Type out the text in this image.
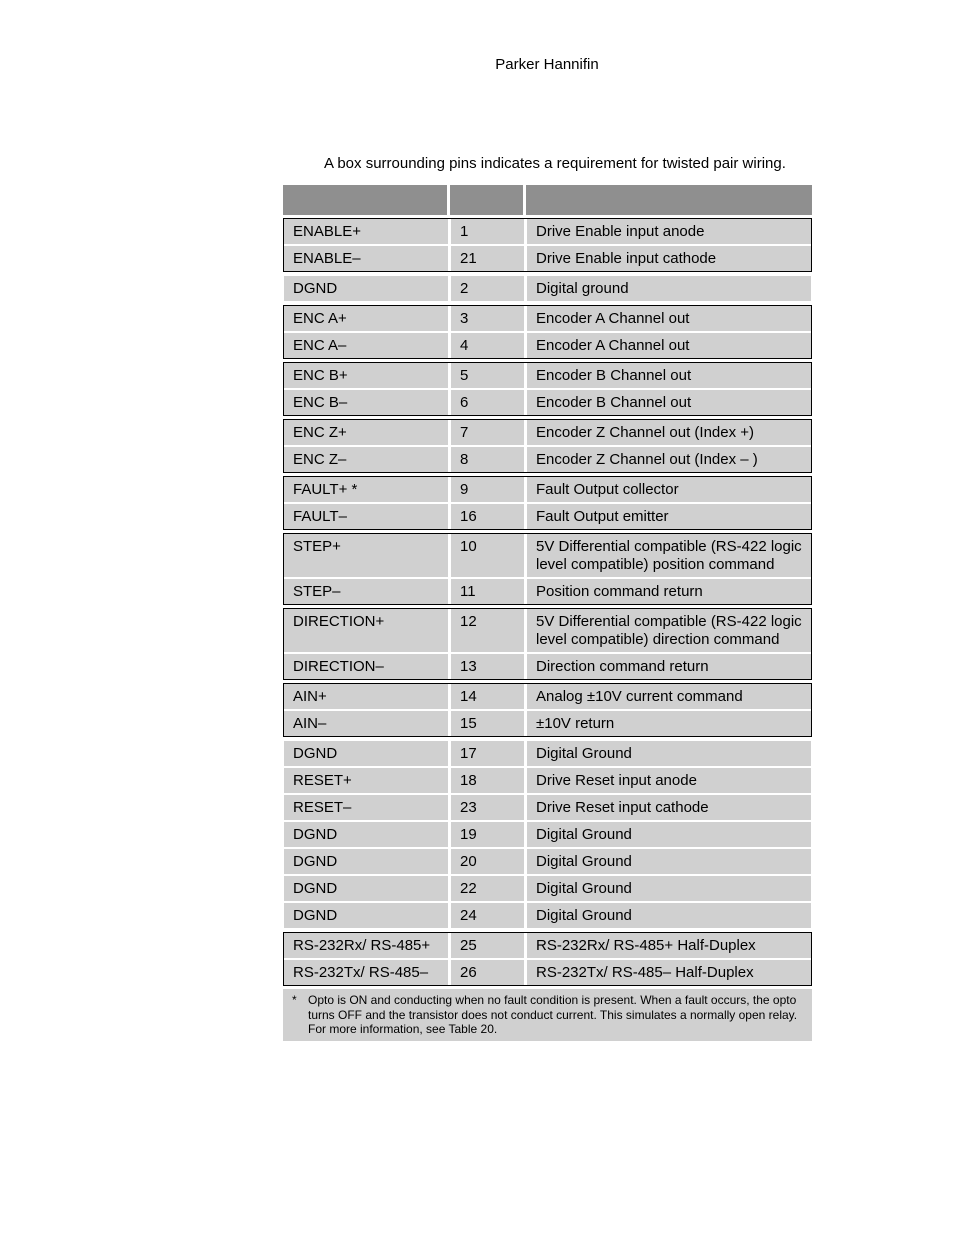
Parker Hannifin
A box surrounding pins indicates a requirement for twisted pair wiring.
ENABLE+	1	Drive Enable input anode
ENABLE–	21	Drive Enable input cathode
DGND	2	Digital ground
ENC A+	3	Encoder A Channel out
ENC A–	4	Encoder A Channel out
ENC B+	5	Encoder B Channel out
ENC B–	6	Encoder B Channel out
ENC Z+	7	Encoder Z Channel out (Index +)
ENC Z–	8	Encoder Z Channel out (Index – )
FAULT+ *	9	Fault Output collector
FAULT–	16	Fault Output emitter
STEP+	10	5V Differential compatible (RS-422 logic level compatible) position command
STEP–	11	Position command return
DIRECTION+	12	5V Differential compatible (RS-422 logic level compatible) direction command
DIRECTION–	13	Direction command return
AIN+	14	Analog ±10V current command
AIN–	15	±10V return
DGND	17	Digital Ground
RESET+	18	Drive Reset input anode
RESET–	23	Drive Reset input cathode
DGND	19	Digital Ground
DGND	20	Digital Ground
DGND	22	Digital Ground
DGND	24	Digital Ground
RS-232Rx/ RS-485+	25	RS-232Rx/ RS-485+ Half-Duplex
RS-232Tx/ RS-485–	26	RS-232Tx/ RS-485– Half-Duplex
* Opto is ON and conducting when no fault condition is present. When a fault occurs, the opto turns OFF and the transistor does not conduct current. This simulates a normally open relay. For more information, see Table 20.
